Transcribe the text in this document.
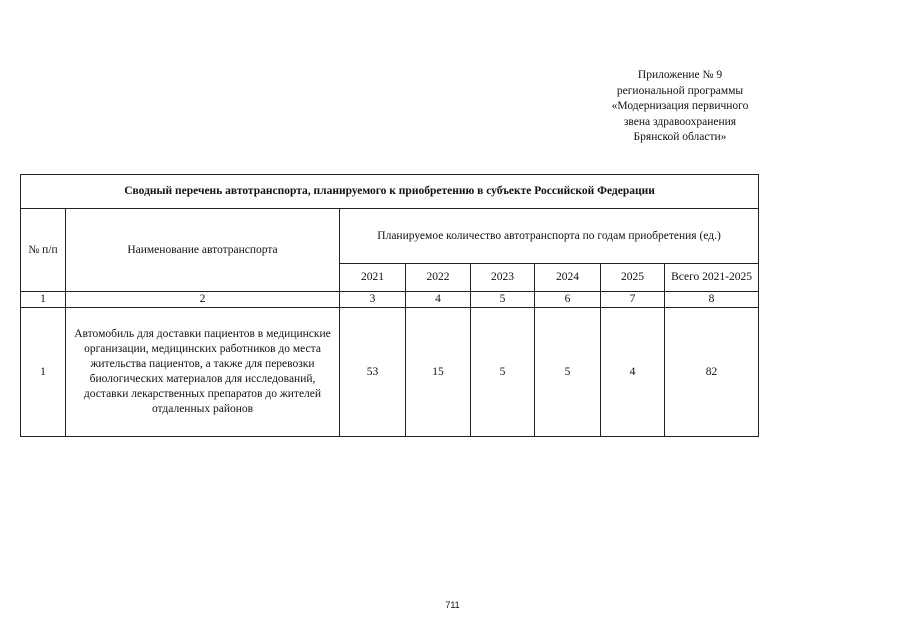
Приложение № 9
региональной программы
«Модернизация первичного
звена здравоохранения
Брянской области»
Сводный перечень автотранспорта, планируемого к приобретению в субъекте Российской Федерации							
№ п/п	Наименование автотранспорта	Планируемое количество автотранспорта по годам приобретения (ед.)					
		2021	2022	2023	2024	2025	Всего 2021-2025
1	2	3	4	5	6	7	8
1	Автомобиль для доставки пациентов в медицинские организации, медицинских работников до места жительства пациентов, а также для перевозки биологических материалов для исследований, доставки лекарственных препаратов до жителей отдаленных районов	53	15	5	5	4	82
711
